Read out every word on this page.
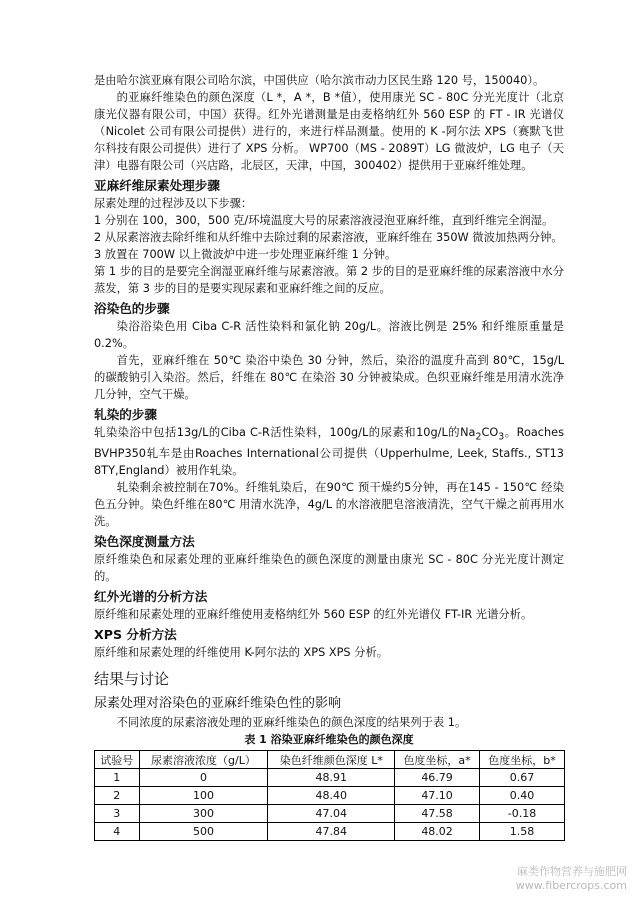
是由哈尔滨亚麻有限公司哈尔滨，中国供应（哈尔滨市动力区民生路 120 号，150040）。

的亚麻纤维染色的颜色深度（L *，A *，B *值），使用康光 SC - 80C 分光光度计（北京康光仪器有限公司，中国）获得。红外光谱测量是由麦格纳红外 560 ESP 的 FT - IR 光谱仪（Nicolet 公司有限公司提供）进行的，来进行样品测量。使用的 K -阿尔法 XPS（赛默飞世尔科技有限公司提供）进行了 XPS 分析。 WP700（MS - 2089T）LG 微波炉，LG 电子（天津）电器有限公司（兴店路，北辰区，天津，中国，300402）提供用于亚麻纤维处理。

亚麻纤维尿素处理步骤

尿素处理的过程涉及以下步骤：

1 分别在 100，300，500 克/环境温度大号的尿素溶液浸泡亚麻纤维，直到纤维完全润湿。

2 从尿素溶液去除纤维和从纤维中去除过剩的尿素溶液，亚麻纤维在 350W 微波加热两分钟。

3 放置在 700W 以上微波炉中进一步处理亚麻纤维 1 分钟。

第 1 步的目的是要完全润湿亚麻纤维与尿素溶液。第 2 步的目的是亚麻纤维的尿素溶液中水分蒸发，第 3 步的目的是要实现尿素和亚麻纤维之间的反应。

浴染色的步骤

染浴浴染色用 Ciba C-R 活性染料和氯化钠 20g/L。溶液比例是 25% 和纤维原重量是 0.2%。

首先，亚麻纤维在 50℃ 染浴中染色 30 分钟，然后，染浴的温度升高到 80℃，15g/L 的碳酸钠引入染浴。然后，纤维在 80℃ 在染浴 30 分钟被染成。色织亚麻纤维是用清水洗净几分钟，空气干燥。

轧染的步骤

轧染染浴中包括13g/L的Ciba C-R活性染料，100g/L的尿素和10g/L的$Na_2CO_3$。Roaches BVHP350轧车是由Roaches International公司提供（Upperhulme, Leek, Staffs., ST13 8TY,England）被用作轧染。

轧染剩余被控制在70%。纤维轧染后，在90℃ 预干燥约5分钟，再在145 - 150℃ 经染色五分钟。染色纤维在80℃ 用清水洗净，4g/L 的水溶液肥皂溶液清洗，空气干燥之前再用水洗。

染色深度测量方法

原纤维染色和尿素处理的亚麻纤维染色的颜色深度的测量由康光 SC - 80C 分光光度计测定的。

红外光谱的分析方法

原纤维和尿素处理的亚麻纤维使用麦格纳红外 560 ESP 的红外光谱仪 FT-IR 光谱分析。

XPS 分析方法

原纤维和尿素处理的纤维使用 K-阿尔法的 XPS XPS 分析。

结果与讨论
尿素处理对浴染色的亚麻纤维染色性的影响

不同浓度的尿素溶液处理的亚麻纤维染色的颜色深度的结果列于表 1。

表 1 浴染亚麻纤维染色的颜色深度
试验号	尿素溶液浓度（g/L）	染色纤维颜色深度 L*	色度坐标，a*	色度坐标，b*
1	0	48.91	46.79	0.67
2	100	48.40	47.10	0.40
3	300	47.04	47.58	-0.18
4	500	47.84	48.02	1.58
麻类作物营养与施肥网
www.fibercrops.com
